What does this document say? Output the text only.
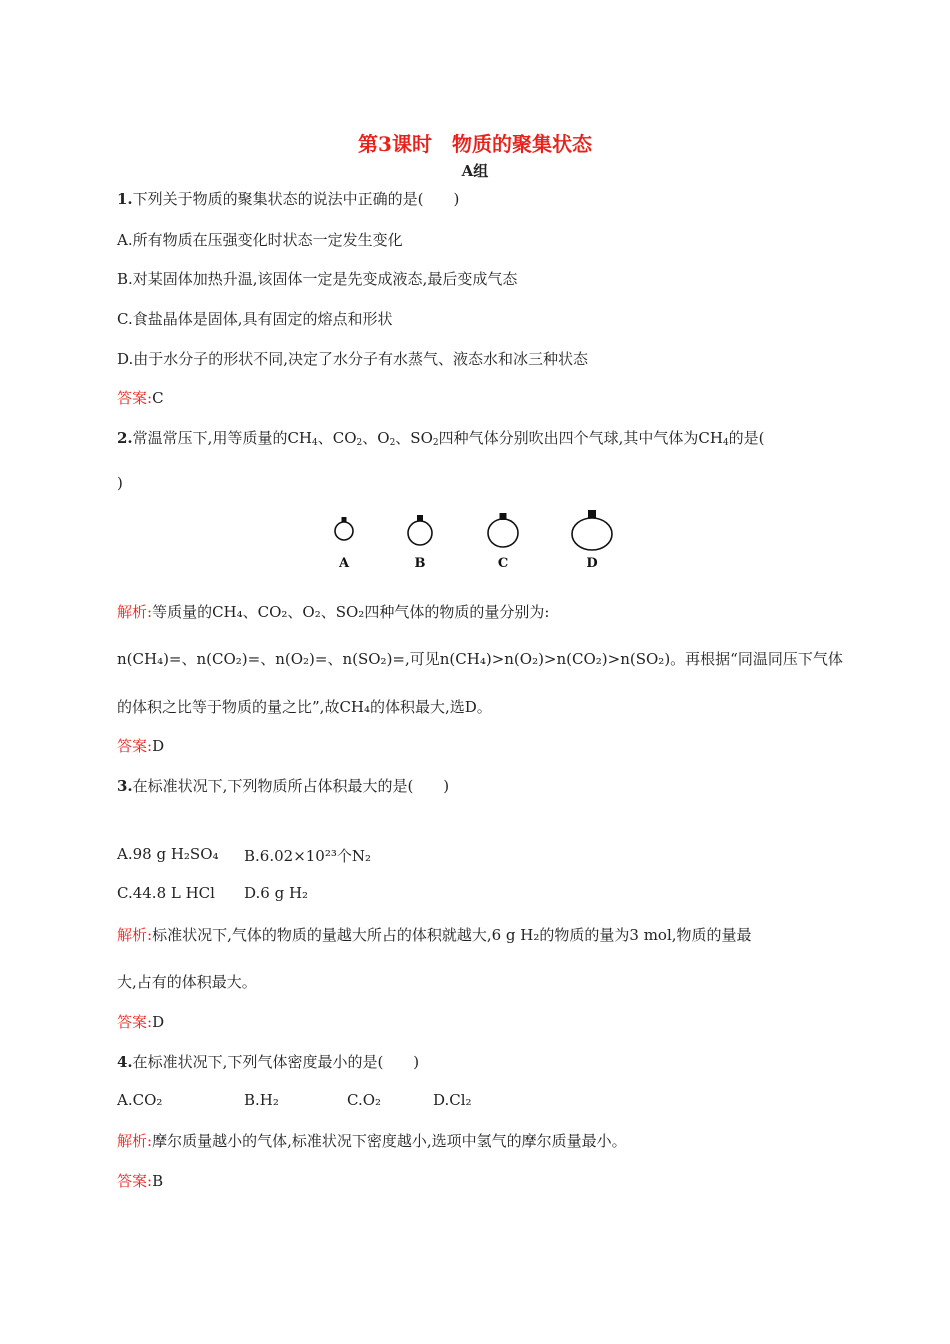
第3课时　物质的聚集状态
A组
1.下列关于物质的聚集状态的说法中正确的是(　　)
A.所有物质在压强变化时状态一定发生变化
B.对某固体加热升温,该固体一定是先变成液态,最后变成气态
C.食盐晶体是固体,具有固定的熔点和形状
D.由于水分子的形状不同,决定了水分子有水蒸气、液态水和冰三种状态
答案:C
2.常温常压下,用等质量的$CH_4$、$CO_2$、$O_2$、$SO_2$四种气体分别吹出四个气球,其中气体为$CH_4$的是(
)
A	B	C	D
解析:等质量的CH₄、CO₂、O₂、SO₂四种气体的物质的量分别为:
n(CH₄)=、n(CO₂)=、n(O₂)=、n(SO₂)=,可见n(CH₄)>n(O₂)>n(CO₂)>n(SO₂)。再根据“同温同压下气体
的体积之比等于物质的量之比”,故CH₄的体积最大,选D。
答案:D
3.在标准状况下,下列物质所占体积最大的是(　　)
A.98 g H₂SO₄ B.6.02×10²³个N₂
C.44.8 L HCl D.6 g H₂
解析:标准状况下,气体的物质的量越大所占的体积就越大,6 g H₂的物质的量为3 mol,物质的量最
大,占有的体积最大。
答案:D
4.在标准状况下,下列气体密度最小的是(　　)
A.CO₂	B.H₂	C.O₂	D.Cl₂
解析:摩尔质量越小的气体,标准状况下密度越小,选项中氢气的摩尔质量最小。
答案:B
